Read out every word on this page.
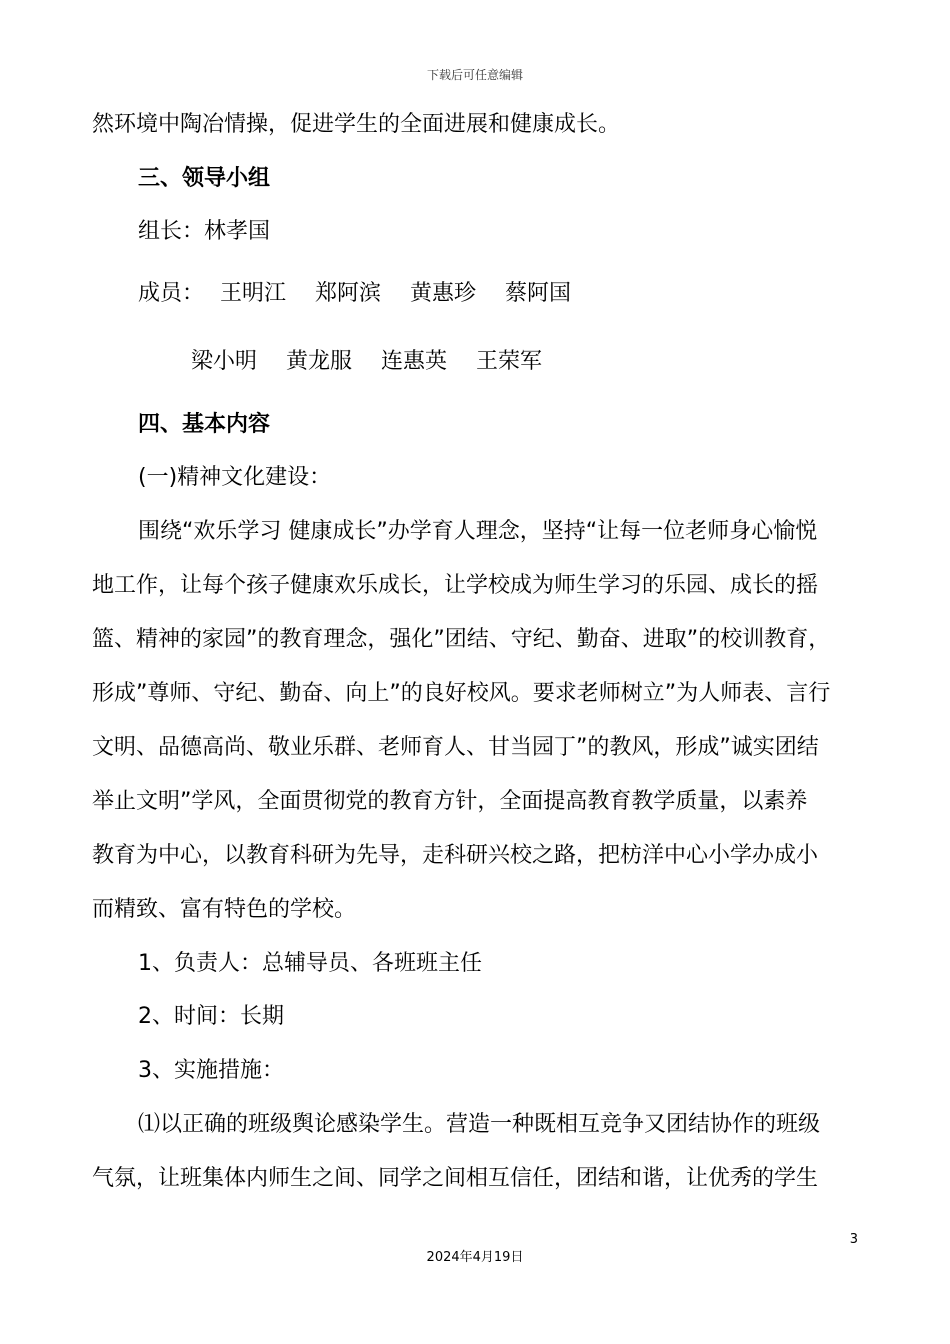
下载后可任意编辑
然环境中陶冶情操，促进学生的全面进展和健康成长。
三、领导小组
组长：林孝国
成员： 王明江 郑阿滨 黄惠珍 蔡阿国
梁小明 黄龙服 连惠英 王荣军
四、基本内容
(一)精神文化建设：
围绕“欢乐学习 健康成长”办学育人理念，坚持“让每一位老师身心愉悦
地工作，让每个孩子健康欢乐成长，让学校成为师生学习的乐园、成长的摇
篮、精神的家园”的教育理念，强化”团结、守纪、勤奋、进取”的校训教育，
形成”尊师、守纪、勤奋、向上”的良好校风。要求老师树立”为人师表、言行
文明、品德高尚、敬业乐群、老师育人、甘当园丁”的教风，形成”诚实团结
举止文明”学风，全面贯彻党的教育方针，全面提高教育教学质量，以素养
教育为中心，以教育科研为先导，走科研兴校之路，把枋洋中心小学办成小
而精致、富有特色的学校。
1、负责人：总辅导员、各班班主任
2、时间：长期
3、实施措施：
⑴以正确的班级舆论感染学生。营造一种既相互竞争又团结协作的班级
气氛，让班集体内师生之间、同学之间相互信任，团结和谐，让优秀的学生
3
2024年4月19日
